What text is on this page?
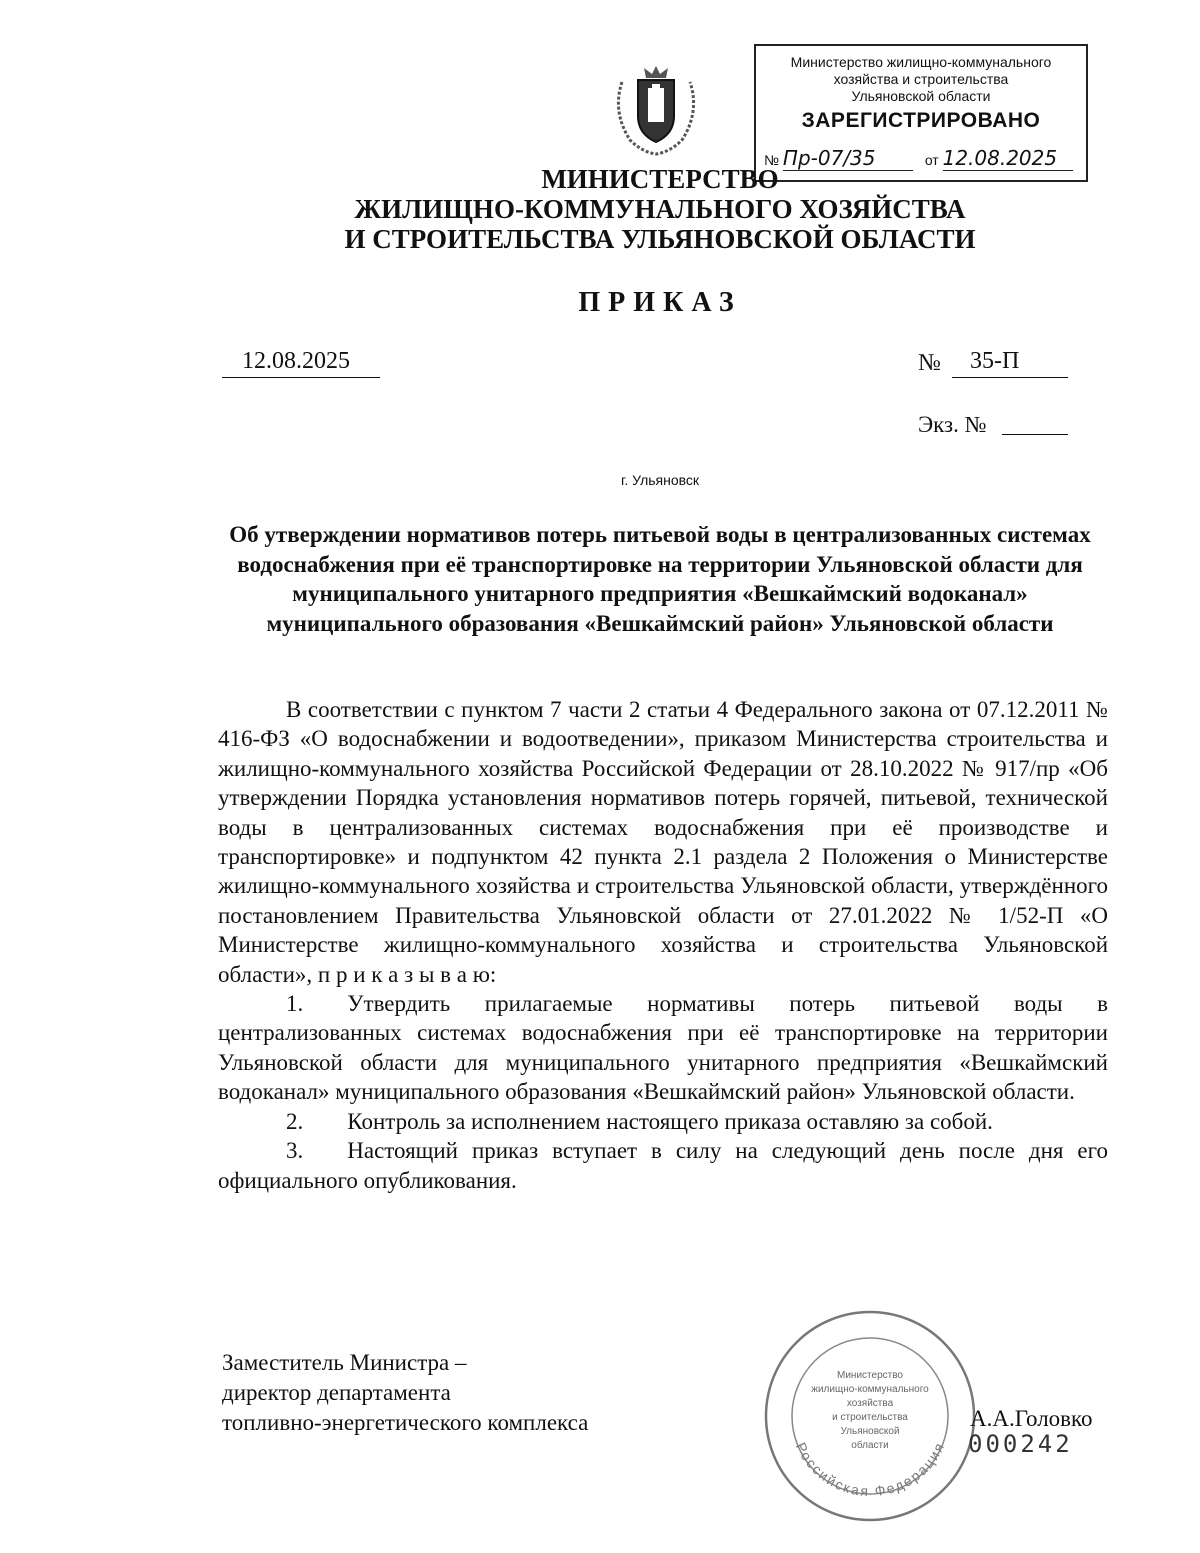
Министерство жилищно-коммунального
хозяйства и строительства
Ульяновской области
ЗАРЕГИСТРИРОВАНО
№ Пр-07/35	от 12.08.2025
МИНИСТЕРСТВО
ЖИЛИЩНО-КОММУНАЛЬНОГО ХОЗЯЙСТВА
И СТРОИТЕЛЬСТВА УЛЬЯНОВСКОЙ ОБЛАСТИ
ПРИКАЗ
12.08.2025	№	35-П
Экз. №
г. Ульяновск
Об утверждении нормативов потерь питьевой воды в централизованных системах водоснабжения при её транспортировке на территории Ульяновской области для муниципального унитарного предприятия «Вешкаймский водоканал» муниципального образования «Вешкаймский район» Ульяновской области

В соответствии с пунктом 7 части 2 статьи 4 Федерального закона от 07.12.2011 № 416-ФЗ «О водоснабжении и водоотведении», приказом Министерства строительства и жилищно-коммунального хозяйства Российской Федерации от 28.10.2022 № 917/пр «Об утверждении Порядка установления нормативов потерь горячей, питьевой, технической воды в централизованных системах водоснабжения при её производстве и транспортировке» и подпунктом 42 пункта 2.1 раздела 2 Положения о Министерстве жилищно-коммунального хозяйства и строительства Ульяновской области, утверждённого постановлением Правительства Ульяновской области от 27.01.2022 № 1/52-П «О Министерстве жилищно-коммунального хозяйства и строительства Ульяновской области», п р и к а з ы в а ю:

1. Утвердить прилагаемые нормативы потерь питьевой воды в централизованных системах водоснабжения при её транспортировке на территории Ульяновской области для муниципального унитарного предприятия «Вешкаймский водоканал» муниципального образования «Вешкаймский район» Ульяновской области.

2. Контроль за исполнением настоящего приказа оставляю за собой.

3. Настоящий приказ вступает в силу на следующий день после дня его официального опубликования.

Российская Федерация
Министерство
жилищно-коммунального
хозяйства
и строительства
Ульяновской
области
Заместитель Министра –
директор департамента
топливно-энергетического комплекса	А.А.Головко
000242
